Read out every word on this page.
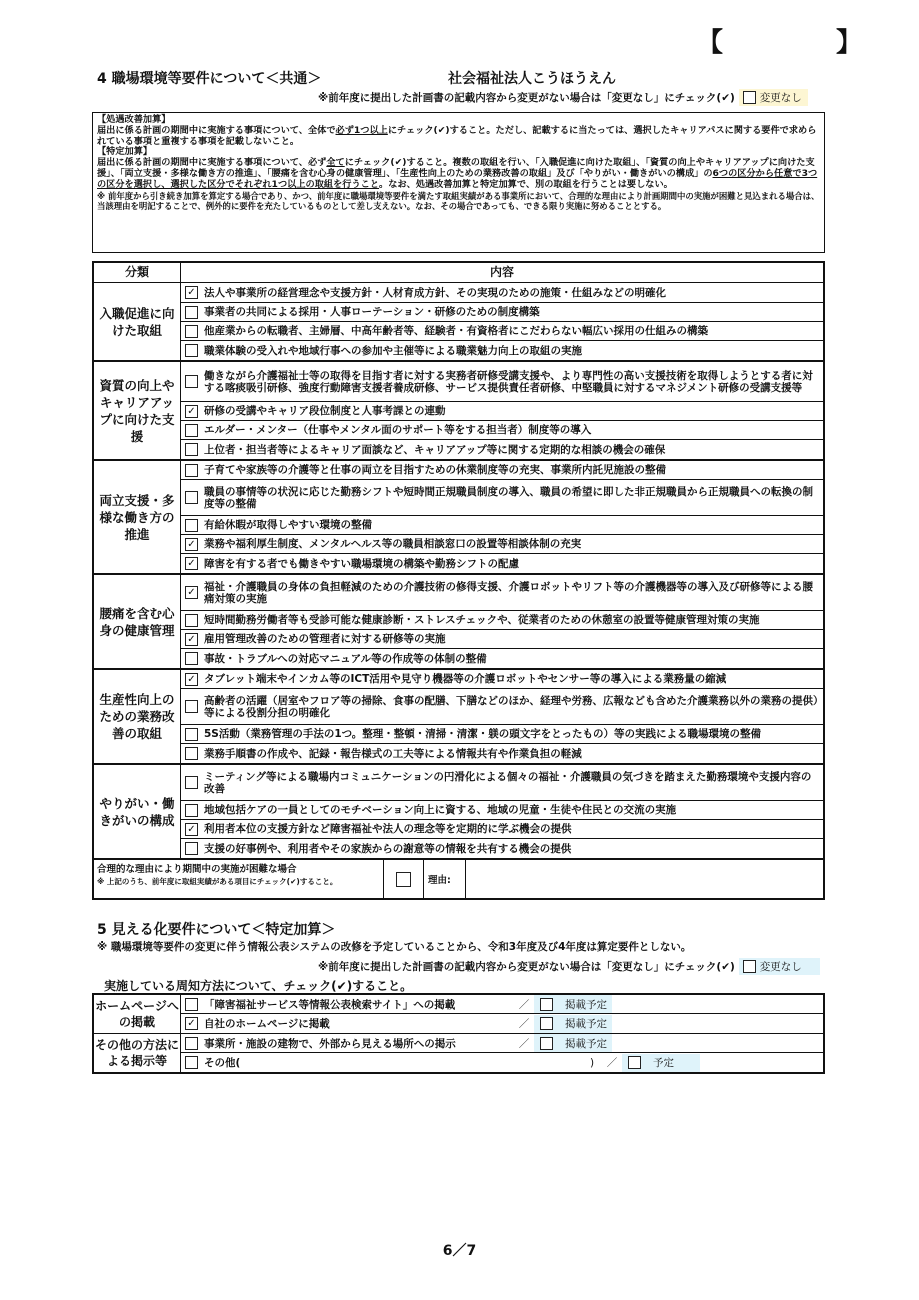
【	】
4 職場環境等要件について＜共通＞	社会福祉法人こうほうえん
※前年度に提出した計画書の記載内容から変更がない場合は「変更なし」にチェック(✔) 変更なし

【処遇改善加算】

届出に係る計画の期間中に実施する事項について、全体で必ず1つ以上にチェック(✔)すること。ただし、記載するに当たっては、選択したキャリアパスに関する要件で求められている事項と重複する事項を記載しないこと。

【特定加算】

届出に係る計画の期間中に実施する事項について、必ず全てにチェック(✔)すること。複数の取組を行い、「入職促進に向けた取組」、「資質の向上やキャリアアップに向けた支援」、「両立支援・多様な働き方の推進」、「腰痛を含む心身の健康管理」、「生産性向上のための業務改善の取組」及び「やりがい・働きがいの構成」の6つの区分から任意で3つの区分を選択し、選択した区分でそれぞれ1つ以上の取組を行うこと。なお、処遇改善加算と特定加算で、別の取組を行うことは要しない。

※ 前年度から引き続き加算を算定する場合であり、かつ、前年度に職場環境等要件を満たす取組実績がある事業所において、合理的な理由により計画期間中の実施が困難と見込まれる場合は、当該理由を明記することで、例外的に要件を充たしているものとして差し支えない。なお、その場合であっても、できる限り実施に努めることとする。

分類	内容
入職促進に向けた取組
✓ 法人や事業所の経営理念や支援方針・人材育成方針、その実現のための施策・仕組みなどの明確化
事業者の共同による採用・人事ローテーション・研修のための制度構築
他産業からの転職者、主婦層、中高年齢者等、経験者・有資格者にこだわらない幅広い採用の仕組みの構築
職業体験の受入れや地域行事への参加や主催等による職業魅力向上の取組の実施
資質の向上やキャリアアップに向けた支援
働きながら介護福祉士等の取得を目指す者に対する実務者研修受講支援や、より専門性の高い支援技術を取得しようとする者に対する喀痰吸引研修、強度行動障害支援者養成研修、サービス提供責任者研修、中堅職員に対するマネジメント研修の受講支援等
✓ 研修の受講やキャリア段位制度と人事考課との連動
エルダー・メンター（仕事やメンタル面のサポート等をする担当者）制度等の導入
上位者・担当者等によるキャリア面談など、キャリアアップ等に関する定期的な相談の機会の確保
両立支援・多様な働き方の推進
子育てや家族等の介護等と仕事の両立を目指すための休業制度等の充実、事業所内託児施設の整備
職員の事情等の状況に応じた勤務シフトや短時間正規職員制度の導入、職員の希望に即した非正規職員から正規職員への転換の制度等の整備
有給休暇が取得しやすい環境の整備
✓ 業務や福利厚生制度、メンタルヘルス等の職員相談窓口の設置等相談体制の充実
✓ 障害を有する者でも働きやすい職場環境の構築や勤務シフトの配慮
腰痛を含む心身の健康管理
✓ 福祉・介護職員の身体の負担軽減のための介護技術の修得支援、介護ロボットやリフト等の介護機器等の導入及び研修等による腰痛対策の実施
短時間勤務労働者等も受診可能な健康診断・ストレスチェックや、従業者のための休憩室の設置等健康管理対策の実施
✓ 雇用管理改善のための管理者に対する研修等の実施
事故・トラブルへの対応マニュアル等の作成等の体制の整備
生産性向上のための業務改善の取組
✓ タブレット端末やインカム等のICT活用や見守り機器等の介護ロボットやセンサー等の導入による業務量の縮減
高齢者の活躍（居室やフロア等の掃除、食事の配膳、下膳などのほか、経理や労務、広報なども含めた介護業務以外の業務の提供）等による役割分担の明確化
5S活動（業務管理の手法の1つ。整理・整頓・清掃・清潔・躾の頭文字をとったもの）等の実践による職場環境の整備
業務手順書の作成や、記録・報告様式の工夫等による情報共有や作業負担の軽減
やりがい・働きがいの構成
ミーティング等による職場内コミュニケーションの円滑化による個々の福祉・介護職員の気づきを踏まえた勤務環境や支援内容の改善
地域包括ケアの一員としてのモチベーション向上に資する、地域の児童・生徒や住民との交流の実施
✓ 利用者本位の支援方針など障害福祉や法人の理念等を定期的に学ぶ機会の提供
支援の好事例や、利用者やその家族からの謝意等の情報を共有する機会の提供
合理的な理由により期間中の実施が困難な場合
※ 上記のうち、前年度に取組実績がある項目にチェック(✔)すること。	理由:
5 見える化要件について＜特定加算＞
※ 職場環境等要件の変更に伴う情報公表システムの改修を予定していることから、令和3年度及び4年度は算定要件としない。
※前年度に提出した計画書の記載内容から変更がない場合は「変更なし」にチェック(✔) 変更なし
実施している周知方法について、チェック(✔)すること。
ホームページへの掲載
「障害福祉サービス等情報公表検索サイト」への掲載	／	掲載予定
✓ 自社のホームページに掲載	／	掲載予定
その他の方法による掲示等
事業所・施設の建物で、外部から見える場所への掲示	／	掲載予定
その他(	)	／	予定
6／7
